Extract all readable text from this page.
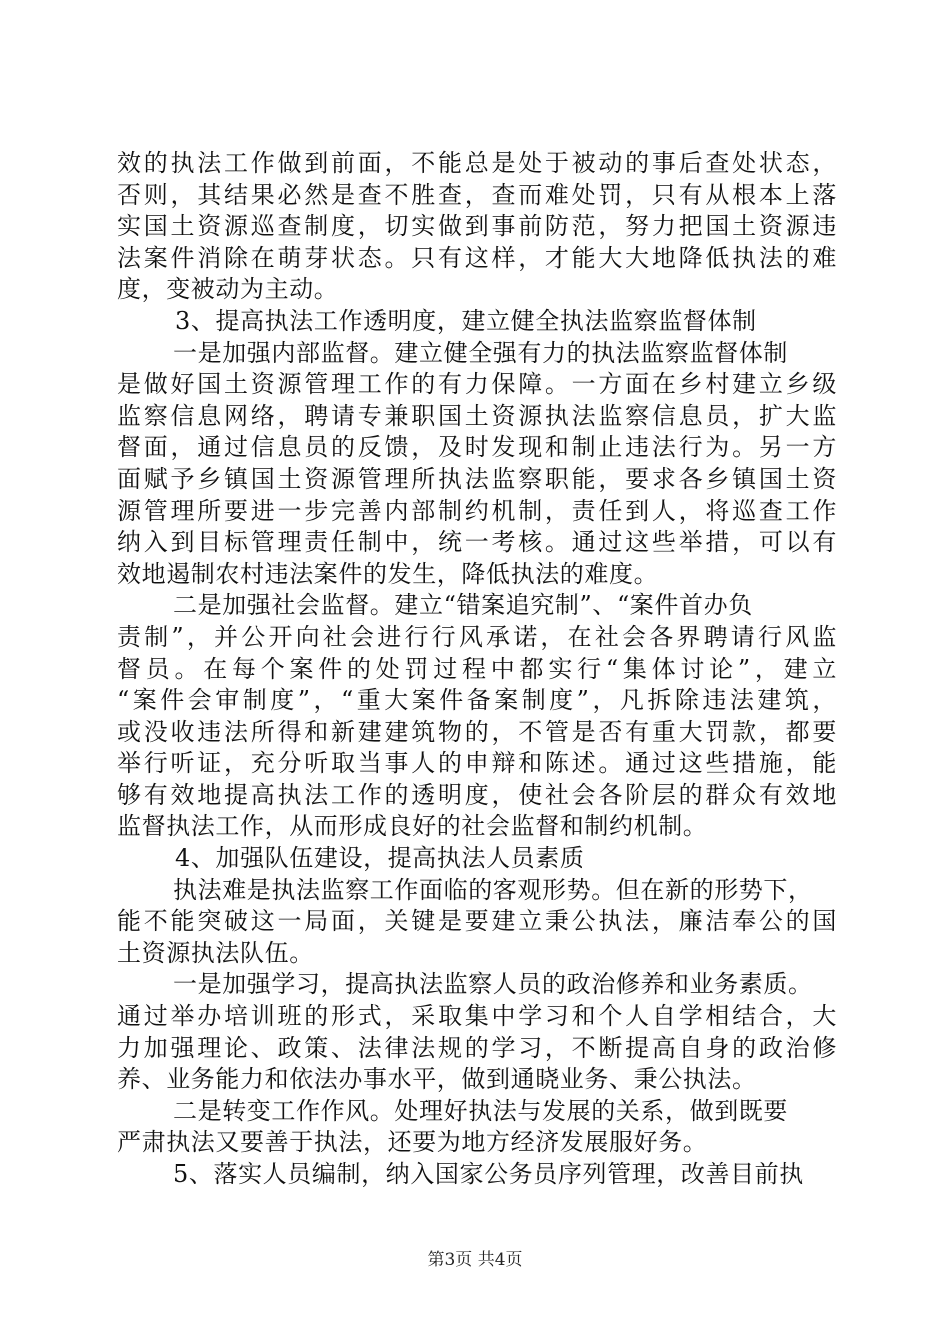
效的执法工作做到前面，不能总是处于被动的事后查处状态，
否则，其结果必然是查不胜查，查而难处罚，只有从根本上落
实国土资源巡查制度，切实做到事前防范，努力把国土资源违
法案件消除在萌芽状态。只有这样，才能大大地降低执法的难
度，变被动为主动。
3、提高执法工作透明度，建立健全执法监察监督体制
一是加强内部监督。建立健全强有力的执法监察监督体制
是做好国土资源管理工作的有力保障。一方面在乡村建立乡级
监察信息网络，聘请专兼职国土资源执法监察信息员，扩大监
督面，通过信息员的反馈，及时发现和制止违法行为。另一方
面赋予乡镇国土资源管理所执法监察职能，要求各乡镇国土资
源管理所要进一步完善内部制约机制，责任到人，将巡查工作
纳入到目标管理责任制中，统一考核。通过这些举措，可以有
效地遏制农村违法案件的发生，降低执法的难度。
二是加强社会监督。建立“错案追究制”、“案件首办负
责制”，并公开向社会进行行风承诺，在社会各界聘请行风监
督员。在每个案件的处罚过程中都实行“集体讨论”，建立
“案件会审制度”，“重大案件备案制度”，凡拆除违法建筑，
或没收违法所得和新建建筑物的，不管是否有重大罚款，都要
举行听证，充分听取当事人的申辩和陈述。通过这些措施，能
够有效地提高执法工作的透明度，使社会各阶层的群众有效地
监督执法工作，从而形成良好的社会监督和制约机制。
4、加强队伍建设，提高执法人员素质
执法难是执法监察工作面临的客观形势。但在新的形势下，
能不能突破这一局面，关键是要建立秉公执法，廉洁奉公的国
土资源执法队伍。
一是加强学习，提高执法监察人员的政治修养和业务素质。
通过举办培训班的形式，采取集中学习和个人自学相结合，大
力加强理论、政策、法律法规的学习，不断提高自身的政治修
养、业务能力和依法办事水平，做到通晓业务、秉公执法。
二是转变工作作风。处理好执法与发展的关系，做到既要
严肃执法又要善于执法，还要为地方经济发展服好务。
5、落实人员编制，纳入国家公务员序列管理，改善目前执
第3页 共4页
